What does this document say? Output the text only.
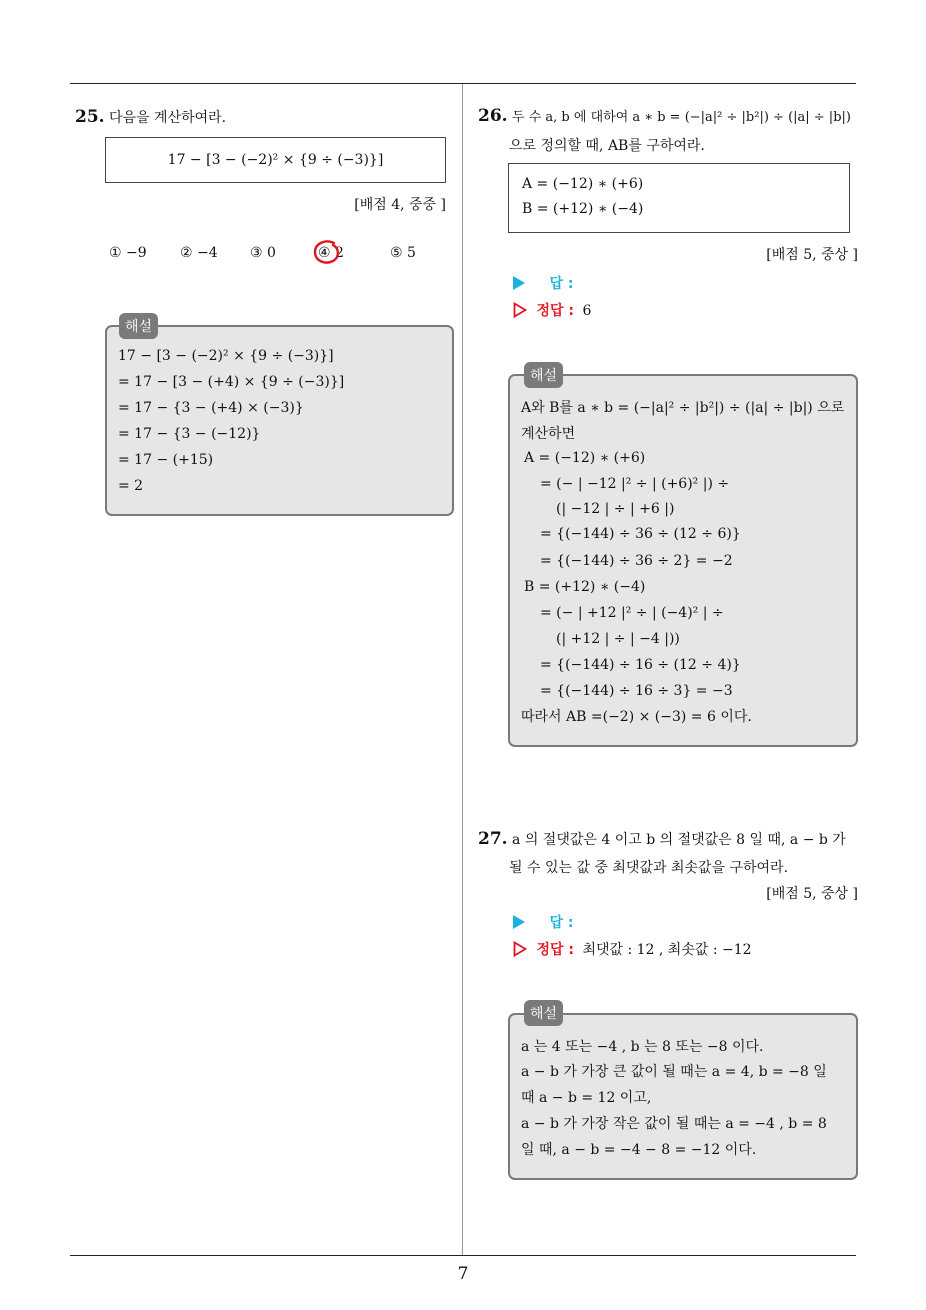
25. 다음을 계산하여라.
17 − [3 − (−2)² × {9 ÷ (−3)}]
[배점 4, 중중 ]
① −9 ② −4 ③ 0	④ 2	⑤ 5
해설
17 − [3 − (−2)² × {9 ÷ (−3)}]
= 17 − [3 − (+4) × {9 ÷ (−3)}]
= 17 − {3 − (+4) × (−3)}
= 17 − {3 − (−12)}
= 17 − (+15)
= 2
26. 두 수 a, b 에 대하여 a ∗ b = (−|a|² ÷ |b²|) ÷ (|a| ÷ |b|)
으로 정의할 때, AB를 구하여라.
A = (−12) ∗ (+6)
B = (+12) ∗ (−4)
[배점 5, 중상 ]
답 :
정답 : 6
해설
A와 B를 a ∗ b = (−|a|² ÷ |b²|) ÷ (|a| ÷ |b|) 으로
계산하면
A = (−12) ∗ (+6)
= (− | −12 |² ÷ | (+6)² |) ÷
(| −12 | ÷ | +6 |)
= {(−144) ÷ 36 ÷ (12 ÷ 6)}
= {(−144) ÷ 36 ÷ 2} = −2
B = (+12) ∗ (−4)
= (− | +12 |² ÷ | (−4)² | ÷
(| +12 | ÷ | −4 |))
= {(−144) ÷ 16 ÷ (12 ÷ 4)}
= {(−144) ÷ 16 ÷ 3} = −3
따라서 AB =(−2) × (−3) = 6 이다.
27. a 의 절댓값은 4 이고 b 의 절댓값은 8 일 때, a − b 가
될 수 있는 값 중 최댓값과 최솟값을 구하여라.
[배점 5, 중상 ]
답 :
정답 : 최댓값 : 12 , 최솟값 : −12
해설
a 는 4 또는 −4 , b 는 8 또는 −8 이다.
a − b 가 가장 큰 값이 될 때는 a = 4, b = −8 일
때 a − b = 12 이고,
a − b 가 가장 작은 값이 될 때는 a = −4 , b = 8
일 때, a − b = −4 − 8 = −12 이다.
7
